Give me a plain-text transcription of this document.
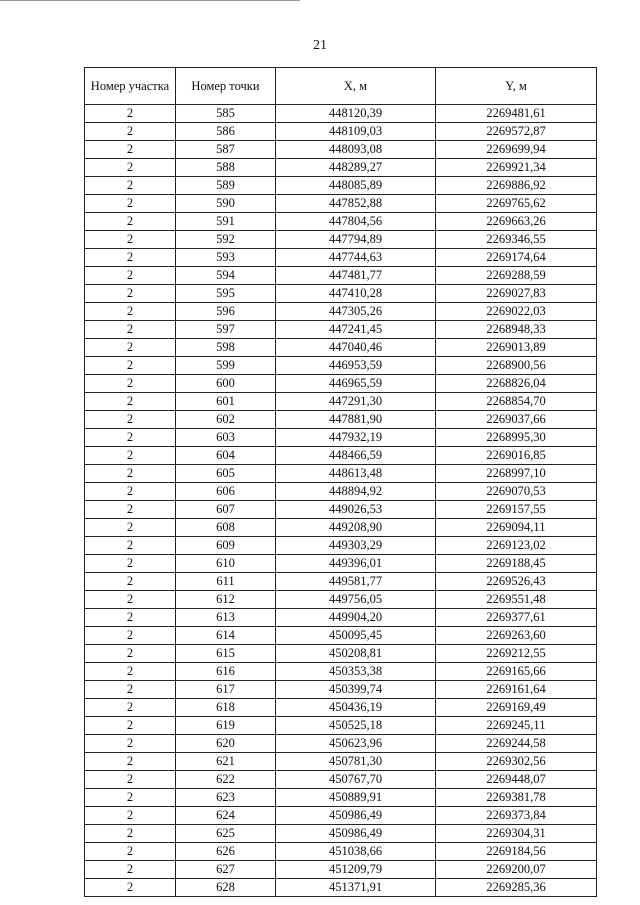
21
Номер участка	Номер точки	X, м	Y, м
2	585	448120,39	2269481,61
2	586	448109,03	2269572,87
2	587	448093,08	2269699,94
2	588	448289,27	2269921,34
2	589	448085,89	2269886,92
2	590	447852,88	2269765,62
2	591	447804,56	2269663,26
2	592	447794,89	2269346,55
2	593	447744,63	2269174,64
2	594	447481,77	2269288,59
2	595	447410,28	2269027,83
2	596	447305,26	2269022,03
2	597	447241,45	2268948,33
2	598	447040,46	2269013,89
2	599	446953,59	2268900,56
2	600	446965,59	2268826,04
2	601	447291,30	2268854,70
2	602	447881,90	2269037,66
2	603	447932,19	2268995,30
2	604	448466,59	2269016,85
2	605	448613,48	2268997,10
2	606	448894,92	2269070,53
2	607	449026,53	2269157,55
2	608	449208,90	2269094,11
2	609	449303,29	2269123,02
2	610	449396,01	2269188,45
2	611	449581,77	2269526,43
2	612	449756,05	2269551,48
2	613	449904,20	2269377,61
2	614	450095,45	2269263,60
2	615	450208,81	2269212,55
2	616	450353,38	2269165,66
2	617	450399,74	2269161,64
2	618	450436,19	2269169,49
2	619	450525,18	2269245,11
2	620	450623,96	2269244,58
2	621	450781,30	2269302,56
2	622	450767,70	2269448,07
2	623	450889,91	2269381,78
2	624	450986,49	2269373,84
2	625	450986,49	2269304,31
2	626	451038,66	2269184,56
2	627	451209,79	2269200,07
2	628	451371,91	2269285,36
